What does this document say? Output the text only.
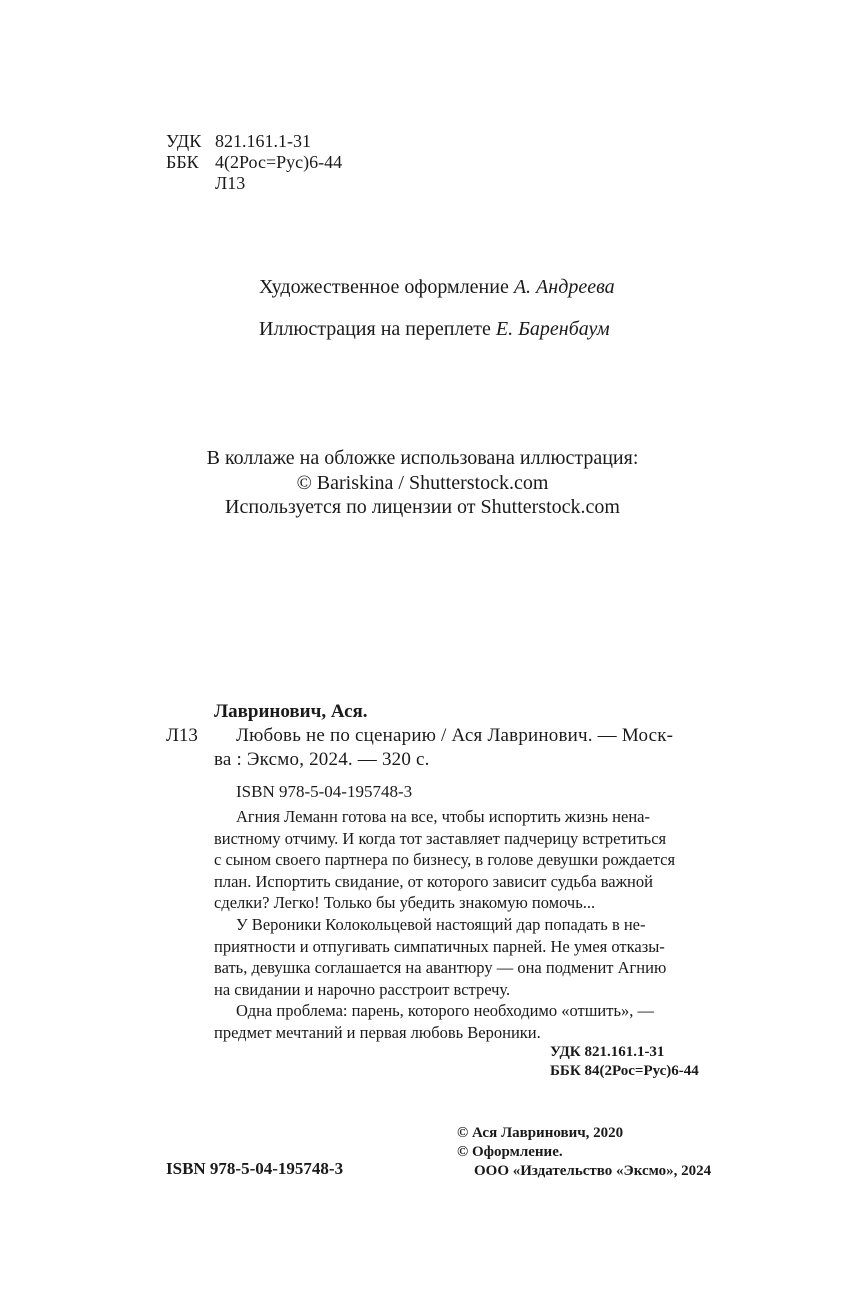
УДК 821.161.1-31
ББК 4(2Рос=Рус)6-44
Л13
Художественное оформление А. Андреева
Иллюстрация на переплете Е. Баренбаум
В коллаже на обложке использована иллюстрация:
© Bariskina / Shutterstock.com
Используется по лицензии от Shutterstock.com
Лавринович, Ася.
Л13 Любовь не по сценарию / Ася Лавринович. — Моск-
ва : Эксмо, 2024. — 320 с.
ISBN 978-5-04-195748-3
Агния Леманн готова на все, чтобы испортить жизнь нена-
вистному отчиму. И когда тот заставляет падчерицу встретиться
с сыном своего партнера по бизнесу, в голове девушки рождается
план. Испортить свидание, от которого зависит судьба важной
сделки? Легко! Только бы убедить знакомую помочь...
У Вероники Колокольцевой настоящий дар попадать в не-
приятности и отпугивать симпатичных парней. Не умея отказы-
вать, девушка соглашается на авантюру — она подменит Агнию
на свидании и нарочно расстроит встречу.
Одна проблема: парень, которого необходимо «отшить», —
предмет мечтаний и первая любовь Вероники.
УДК 821.161.1-31
ББК 84(2Рос=Рус)6-44
© Ася Лавринович, 2020
© Оформление.
ООО «Издательство «Эксмо», 2024
ISBN 978-5-04-195748-3
